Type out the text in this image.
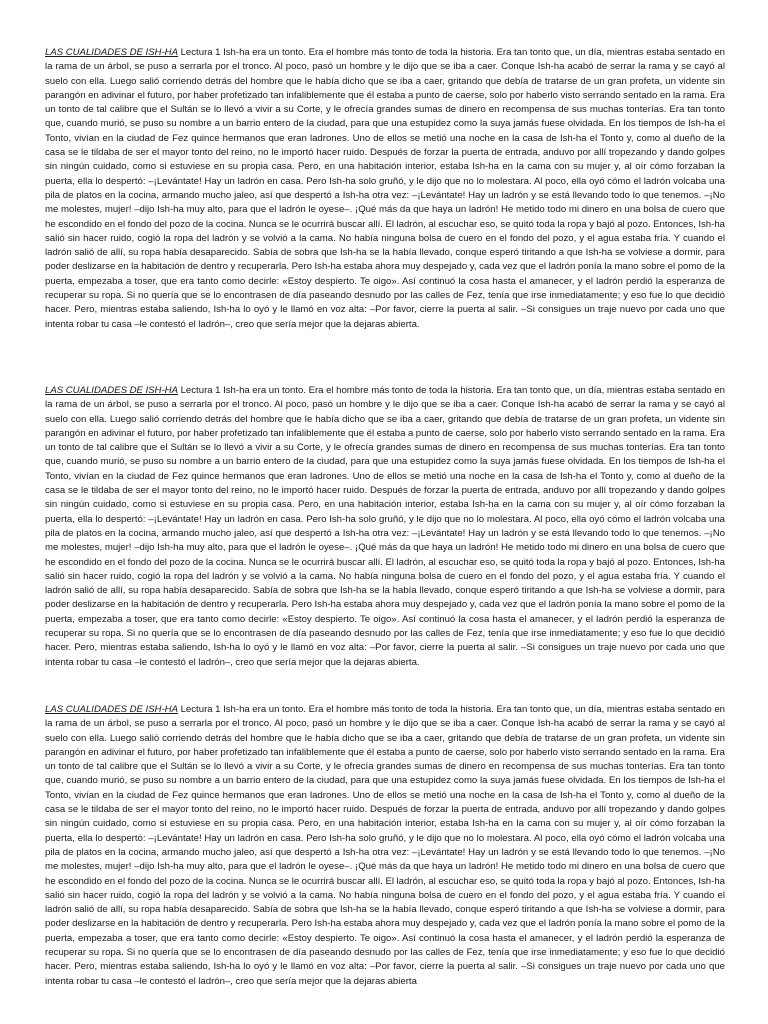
LAS CUALIDADES DE ISH-HA Lectura 1 Ish-ha era un tonto. Era el hombre más tonto de toda la historia. Era tan tonto que, un día, mientras estaba sentado en la rama de un árbol, se puso a serrarla por el tronco. Al poco, pasó un hombre y le dijo que se iba a caer. Conque Ish-ha acabó de serrar la rama y se cayó al suelo con ella. Luego salió corriendo detrás del hombre que le había dicho que se iba a caer, gritando que debía de tratarse de un gran profeta, un vidente sin parangón en adivinar el futuro, por haber profetizado tan infaliblemente que él estaba a punto de caerse, solo por haberlo visto serrando sentado en la rama. Era un tonto de tal calibre que el Sultán se lo llevó a vivir a su Corte, y le ofrecía grandes sumas de dinero en recompensa de sus muchas tonterías. Era tan tonto que, cuando murió, se puso su nombre a un barrio entero de la ciudad, para que una estupidez como la suya jamás fuese olvidada. En los tiempos de Ish-ha el Tonto, vivían en la ciudad de Fez quince hermanos que eran ladrones. Uno de ellos se metió una noche en la casa de Ish-ha el Tonto y, como al dueño de la casa se le tildaba de ser el mayor tonto del reino, no le importó hacer ruido. Después de forzar la puerta de entrada, anduvo por allí tropezando y dando golpes sin ningún cuidado, como si estuviese en su propia casa. Pero, en una habitación interior, estaba Ish-ha en la cama con su mujer y, al oír cómo forzaban la puerta, ella lo despertó: –¡Levántate! Hay un ladrón en casa. Pero Ish-ha solo gruñó, y le dijo que no lo molestara. Al poco, ella oyó cómo el ladrón volcaba una pila de platos en la cocina, armando mucho jaleo, así que despertó a Ish-ha otra vez: –¡Levántate! Hay un ladrón y se está llevando todo lo que tenemos. –¡No me molestes, mujer! –dijo Ish-ha muy alto, para que el ladrón le oyese–. ¡Qué más da que haya un ladrón! He metido todo mi dinero en una bolsa de cuero que he escondido en el fondo del pozo de la cocina. Nunca se le ocurrirá buscar allí. El ladrón, al escuchar eso, se quitó toda la ropa y bajó al pozo. Entonces, Ish-ha salió sin hacer ruido, cogió la ropa del ladrón y se volvió a la cama. No había ninguna bolsa de cuero en el fondo del pozo, y el agua estaba fría. Y cuando el ladrón salió de allí, su ropa había desaparecido. Sabía de sobra que Ish-ha se la había llevado, conque esperó tiritando a que Ish-ha se volviese a dormir, para poder deslizarse en la habitación de dentro y recuperarla. Pero Ish-ha estaba ahora muy despejado y, cada vez que el ladrón ponía la mano sobre el pomo de la puerta, empezaba a toser, que era tanto como decirle: «Estoy despierto. Te oigo». Así continuó la cosa hasta el amanecer, y el ladrón perdió la esperanza de recuperar su ropa. Si no quería que se lo encontrasen de día paseando desnudo por las calles de Fez, tenía que irse inmediatamente; y eso fue lo que decidió hacer. Pero, mientras estaba saliendo, Ish-ha lo oyó y le llamó en voz alta: –Por favor, cierre la puerta al salir. –Si consigues un traje nuevo por cada uno que intenta robar tu casa –le contestó el ladrón–, creo que sería mejor que la dejaras abierta.

LAS CUALIDADES DE ISH-HA Lectura 1 Ish-ha era un tonto. Era el hombre más tonto de toda la historia. Era tan tonto que, un día, mientras estaba sentado en la rama de un árbol, se puso a serrarla por el tronco. Al poco, pasó un hombre y le dijo que se iba a caer. Conque Ish-ha acabó de serrar la rama y se cayó al suelo con ella. Luego salió corriendo detrás del hombre que le había dicho que se iba a caer, gritando que debía de tratarse de un gran profeta, un vidente sin parangón en adivinar el futuro, por haber profetizado tan infaliblemente que él estaba a punto de caerse, solo por haberlo visto serrando sentado en la rama. Era un tonto de tal calibre que el Sultán se lo llevó a vivir a su Corte, y le ofrecía grandes sumas de dinero en recompensa de sus muchas tonterías. Era tan tonto que, cuando murió, se puso su nombre a un barrio entero de la ciudad, para que una estupidez como la suya jamás fuese olvidada. En los tiempos de Ish-ha el Tonto, vivían en la ciudad de Fez quince hermanos que eran ladrones. Uno de ellos se metió una noche en la casa de Ish-ha el Tonto y, como al dueño de la casa se le tildaba de ser el mayor tonto del reino, no le importó hacer ruido. Después de forzar la puerta de entrada, anduvo por allí tropezando y dando golpes sin ningún cuidado, como si estuviese en su propia casa. Pero, en una habitación interior, estaba Ish-ha en la cama con su mujer y, al oír cómo forzaban la puerta, ella lo despertó: –¡Levántate! Hay un ladrón en casa. Pero Ish-ha solo gruñó, y le dijo que no lo molestara. Al poco, ella oyó cómo el ladrón volcaba una pila de platos en la cocina, armando mucho jaleo, así que despertó a Ish-ha otra vez: –¡Levántate! Hay un ladrón y se está llevando todo lo que tenemos. –¡No me molestes, mujer! –dijo Ish-ha muy alto, para que el ladrón le oyese–. ¡Qué más da que haya un ladrón! He metido todo mi dinero en una bolsa de cuero que he escondido en el fondo del pozo de la cocina. Nunca se le ocurrirá buscar allí. El ladrón, al escuchar eso, se quitó toda la ropa y bajó al pozo. Entonces, Ish-ha salió sin hacer ruido, cogió la ropa del ladrón y se volvió a la cama. No había ninguna bolsa de cuero en el fondo del pozo, y el agua estaba fría. Y cuando el ladrón salió de allí, su ropa había desaparecido. Sabía de sobra que Ish-ha se la había llevado, conque esperó tiritando a que Ish-ha se volviese a dormir, para poder deslizarse en la habitación de dentro y recuperarla. Pero Ish-ha estaba ahora muy despejado y, cada vez que el ladrón ponía la mano sobre el pomo de la puerta, empezaba a toser, que era tanto como decirle: «Estoy despierto. Te oigo». Así continuó la cosa hasta el amanecer, y el ladrón perdió la esperanza de recuperar su ropa. Si no quería que se lo encontrasen de día paseando desnudo por las calles de Fez, tenía que irse inmediatamente; y eso fue lo que decidió hacer. Pero, mientras estaba saliendo, Ish-ha lo oyó y le llamó en voz alta: –Por favor, cierre la puerta al salir. –Si consigues un traje nuevo por cada uno que intenta robar tu casa –le contestó el ladrón–, creo que sería mejor que la dejaras abierta.

LAS CUALIDADES DE ISH-HA Lectura 1 Ish-ha era un tonto. Era el hombre más tonto de toda la historia. Era tan tonto que, un día, mientras estaba sentado en la rama de un árbol, se puso a serrarla por el tronco. Al poco, pasó un hombre y le dijo que se iba a caer. Conque Ish-ha acabó de serrar la rama y se cayó al suelo con ella. Luego salió corriendo detrás del hombre que le había dicho que se iba a caer, gritando que debía de tratarse de un gran profeta, un vidente sin parangón en adivinar el futuro, por haber profetizado tan infaliblemente que él estaba a punto de caerse, solo por haberlo visto serrando sentado en la rama. Era un tonto de tal calibre que el Sultán se lo llevó a vivir a su Corte, y le ofrecía grandes sumas de dinero en recompensa de sus muchas tonterías. Era tan tonto que, cuando murió, se puso su nombre a un barrio entero de la ciudad, para que una estupidez como la suya jamás fuese olvidada. En los tiempos de Ish-ha el Tonto, vivían en la ciudad de Fez quince hermanos que eran ladrones. Uno de ellos se metió una noche en la casa de Ish-ha el Tonto y, como al dueño de la casa se le tildaba de ser el mayor tonto del reino, no le importó hacer ruido. Después de forzar la puerta de entrada, anduvo por allí tropezando y dando golpes sin ningún cuidado, como si estuviese en su propia casa. Pero, en una habitación interior, estaba Ish-ha en la cama con su mujer y, al oír cómo forzaban la puerta, ella lo despertó: –¡Levántate! Hay un ladrón en casa. Pero Ish-ha solo gruñó, y le dijo que no lo molestara. Al poco, ella oyó cómo el ladrón volcaba una pila de platos en la cocina, armando mucho jaleo, así que despertó a Ish-ha otra vez: –¡Levántate! Hay un ladrón y se está llevando todo lo que tenemos. –¡No me molestes, mujer! –dijo Ish-ha muy alto, para que el ladrón le oyese–. ¡Qué más da que haya un ladrón! He metido todo mi dinero en una bolsa de cuero que he escondido en el fondo del pozo de la cocina. Nunca se le ocurrirá buscar allí. El ladrón, al escuchar eso, se quitó toda la ropa y bajó al pozo. Entonces, Ish-ha salió sin hacer ruido, cogió la ropa del ladrón y se volvió a la cama. No había ninguna bolsa de cuero en el fondo del pozo, y el agua estaba fría. Y cuando el ladrón salió de allí, su ropa había desaparecido. Sabía de sobra que Ish-ha se la había llevado, conque esperó tiritando a que Ish-ha se volviese a dormir, para poder deslizarse en la habitación de dentro y recuperarla. Pero Ish-ha estaba ahora muy despejado y, cada vez que el ladrón ponía la mano sobre el pomo de la puerta, empezaba a toser, que era tanto como decirle: «Estoy despierto. Te oigo». Así continuó la cosa hasta el amanecer, y el ladrón perdió la esperanza de recuperar su ropa. Si no quería que se lo encontrasen de día paseando desnudo por las calles de Fez, tenía que irse inmediatamente; y eso fue lo que decidió hacer. Pero, mientras estaba saliendo, Ish-ha lo oyó y le llamó en voz alta: –Por favor, cierre la puerta al salir. –Si consigues un traje nuevo por cada uno que intenta robar tu casa –le contestó el ladrón–, creo que sería mejor que la dejaras abierta
